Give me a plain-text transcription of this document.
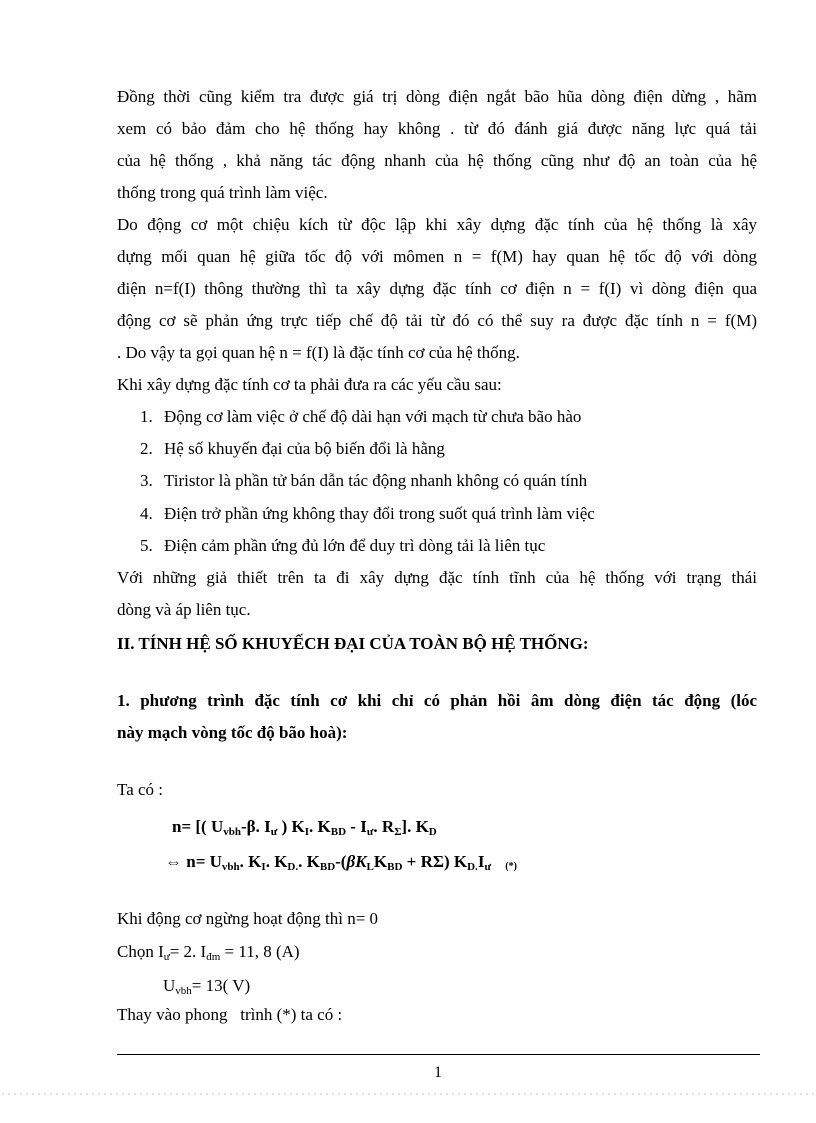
Đồng thời cũng kiểm tra được giá trị dòng điện ngắt bão hũa dòng điện dừng , hãm
xem có bảo đảm cho hệ thống hay không . từ đó đánh giá được năng lực quá tải
của hệ thống , khả năng tác động nhanh của hệ thống cũng như độ an toàn của hệ
thống trong quá trình làm việc.
Do động cơ một chiệu kích từ độc lập khi xây dựng đặc tính của hệ thống là xây
dựng mối quan hệ giữa tốc độ với mômen n = f(M) hay quan hệ tốc độ với dòng
điện n=f(I) thông thường thì ta xây dựng đặc tính cơ điện n = f(I) vì dòng điện qua
động cơ sẽ phản ứng trực tiếp chế độ tải từ đó có thể suy ra được đặc tính n = f(M)
. Do vậy ta gọi quan hệ n = f(I) là đặc tính cơ của hệ thống.
Khi xây dựng đặc tính cơ ta phải đưa ra các yếu cầu sau:
1. Động cơ làm việc ở chế độ dài hạn với mạch từ chưa bão hào
2. Hệ số khuyến đại của bộ biến đổi là hằng
3. Tiristor là phần tử bán dẫn tác động nhanh không có quán tính
4. Điện trở phần ứng không thay đổi trong suốt quá trình làm việc
5. Điện cảm phần ứng đủ lớn để duy trì dòng tải là liên tục
Với những giả thiết trên ta đi xây dựng đặc tính tĩnh của hệ thống với trạng thái
dòng và áp liên tục.
II. TÍNH HỆ SỐ KHUYẾCH ĐẠI CỦA TOÀN BỘ HỆ THỐNG:
1. phương trình đặc tính cơ khi chỉ có phản hồi âm dòng điện tác động (lóc
này mạch vòng tốc độ bão hoà):
Ta có :
n= [( $U_{vbh}-\beta$. $I_ư$ ) $K_I$. $K_{BD} - I_ư$. $R_\Sigma$]. $K_D$
⇔ $n= U_{vbh}$. $K_I$. $K_{D.}$. $K_{BD}-(\beta K_LK_{BD} + R\Sigma)$ $K_{D.}I_ư$ (*)
Khi động cơ ngừng hoạt động thì n= 0
Chọn $I_ư= 2$. $I_{đm} = 11$, 8 (A)
$U_{vbh}= 13$( V)
Thay vào phong   trình (*) ta có :
1
